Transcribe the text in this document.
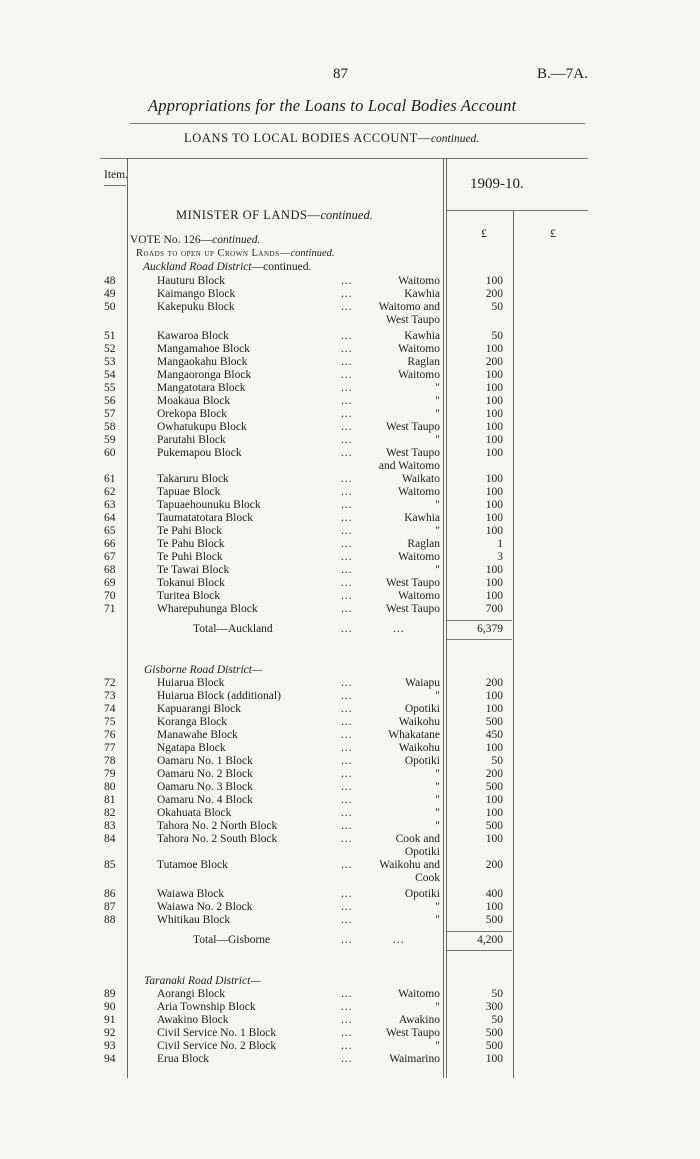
87	B.—7A.
Appropriations for the Loans to Local Bodies Account
LOANS TO LOCAL BODIES ACCOUNT—continued.
Item.
1909-10.
£	£
MINISTER OF LANDS—continued.
VOTE No. 126—continued.
Roads to open up Crown Lands—continued.
Auckland Road District—continued.
48	Hauturu Block	...	Waitomo	100
49	Kaimango Block	...	Kawhia	200
50	Kakepuku Block	... Waitomo and	50
West Taupo
51	Kawaroa Block	...	Kawhia	50
52	Mangamahoe Block	...	Waitomo	100
53	Mangaokahu Block	...	Raglan	200
54	Mangaoronga Block	...	Waitomo	100
55	Mangatotara Block	...	"	100
56	Moakaua Block	...	"	100
57	Orekopa Block	...	"	100
58	Owhatukupu Block	...	West Taupo	100
59	Parutahi Block	...	"	100
60	Pukemapou Block	...	West Taupo	100
and Waitomo
61	Takaruru Block	...	Waikato	100
62	Tapuae Block	...	Waitomo	100
63	Tapuaehounuku Block	...	"	100
64	Taumatatotara Block	...	Kawhia	100
65	Te Pahi Block	...	"	100
66	Te Pahu Block	...	Raglan	1
67	Te Puhi Block	...	Waitomo	3
68	Te Tawai Block	...	"	100
69	Tokanui Block	...	West Taupo	100
70	Turitea Block	...	Waitomo	100
71	Wharepuhunga Block	...	West Taupo	700
Total—Auckland	...	...	6,379
Gisborne Road District—
72	Huiarua Block	...	Waiapu	200
73	Huiarua Block (additional)	...	"	100
74	Kapuarangi Block	...	Opotiki	100
75	Koranga Block	...	Waikohu	500
76	Manawahe Block	...	Whakatane	450
77	Ngatapa Block	...	Waikohu	100
78	Oamaru No. 1 Block	...	Opotiki	50
79	Oamaru No. 2 Block	...	"	200
80	Oamaru No. 3 Block	...	"	500
81	Oamaru No. 4 Block	...	"	100
82	Okahuata Block	...	"	100
83	Tahora No. 2 North Block	...	"	500
84	Tahora No. 2 South Block	...	Cook and	100
Opotiki
85	Tutamoe Block	... Waikohu and	200
Cook
86	Waiawa Block	...	Opotiki	400
87	Waiawa No. 2 Block	...	"	100
88	Whitikau Block	...	"	500
Total—Gisborne	...	...	4,200
Taranaki Road District—
89	Aorangi Block	...	Waitomo	50
90	Aria Township Block	...	"	300
91	Awakino Block	...	Awakino	50
92	Civil Service No. 1 Block	...	West Taupo	500
93	Civil Service No. 2 Block	...	"	500
94	Erua Block	...	Waimarino	100
